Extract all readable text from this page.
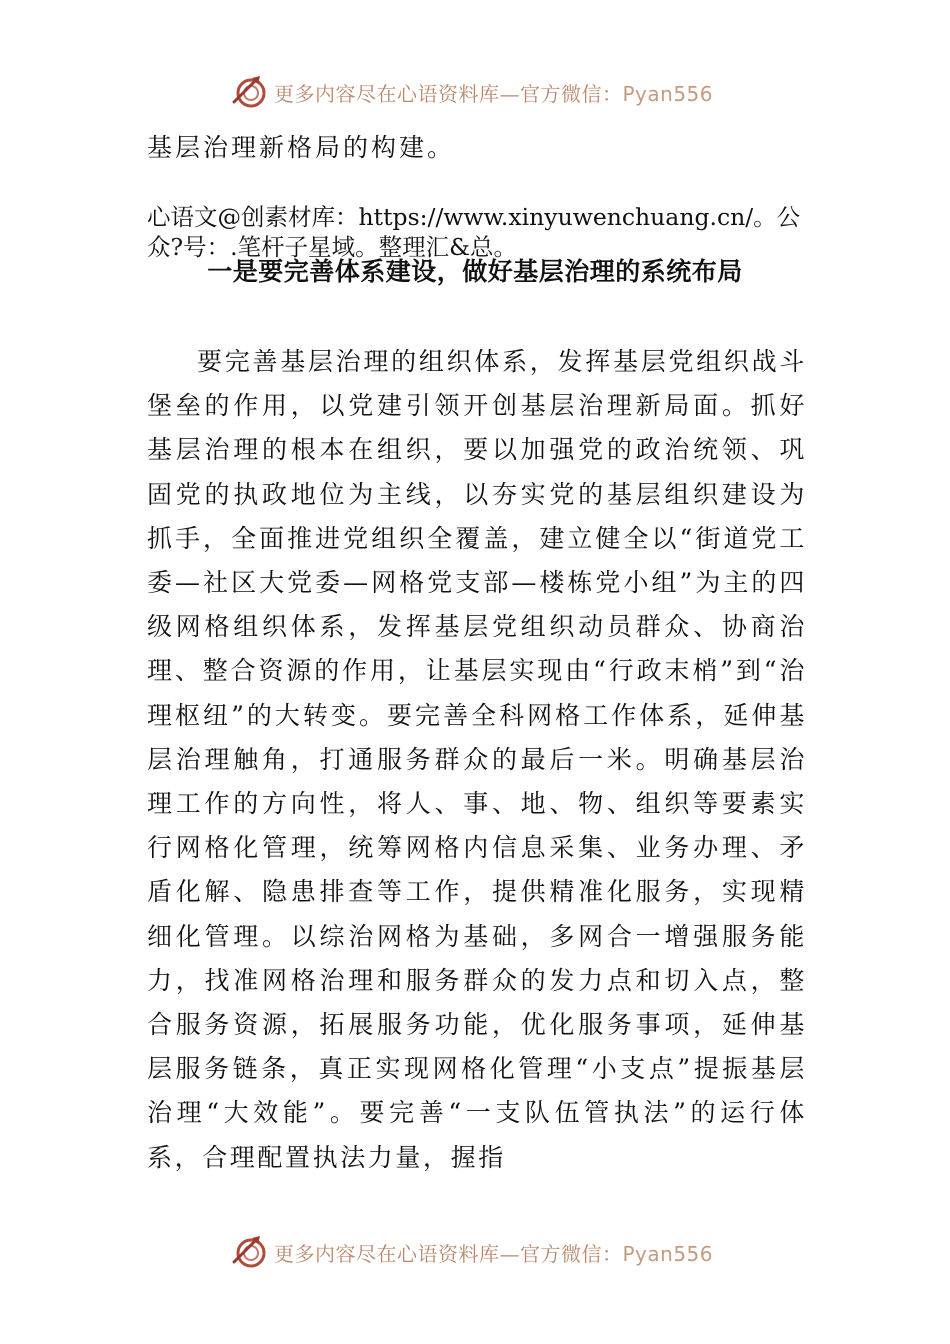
更多内容尽在心语资料库—官方微信：Pyan556
基层治理新格局的构建。
心语文@创素材库：https://www.xinyuwenchuang.cn/。公
众?号：.笔杆子星域。整理汇&总。
一是要完善体系建设，做好基层治理的系统布局
要完善基层治理的组织体系，发挥基层党组织战斗堡垒的作用，以党建引领开创基层治理新局面。抓好基层治理的根本在组织，要以加强党的政治统领、巩固党的执政地位为主线，以夯实党的基层组织建设为抓手，全面推进党组织全覆盖，建立健全以“街道党工委—社区大党委—网格党支部—楼栋党小组”为主的四级网格组织体系，发挥基层党组织动员群众、协商治理、整合资源的作用，让基层实现由“行政末梢”到“治理枢纽”的大转变。要完善全科网格工作体系，延伸基层治理触角，打通服务群众的最后一米。明确基层治理工作的方向性，将人、事、地、物、组织等要素实行网格化管理，统筹网格内信息采集、业务办理、矛盾化解、隐患排查等工作，提供精准化服务，实现精细化管理。以综治网格为基础，多网合一增强服务能力，找准网格治理和服务群众的发力点和切入点，整合服务资源，拓展服务功能，优化服务事项，延伸基层服务链条，真正实现网格化管理“小支点”提振基层治理“大效能”。要完善“一支队伍管执法”的运行体系，合理配置执法力量，握指
更多内容尽在心语资料库—官方微信：Pyan556
